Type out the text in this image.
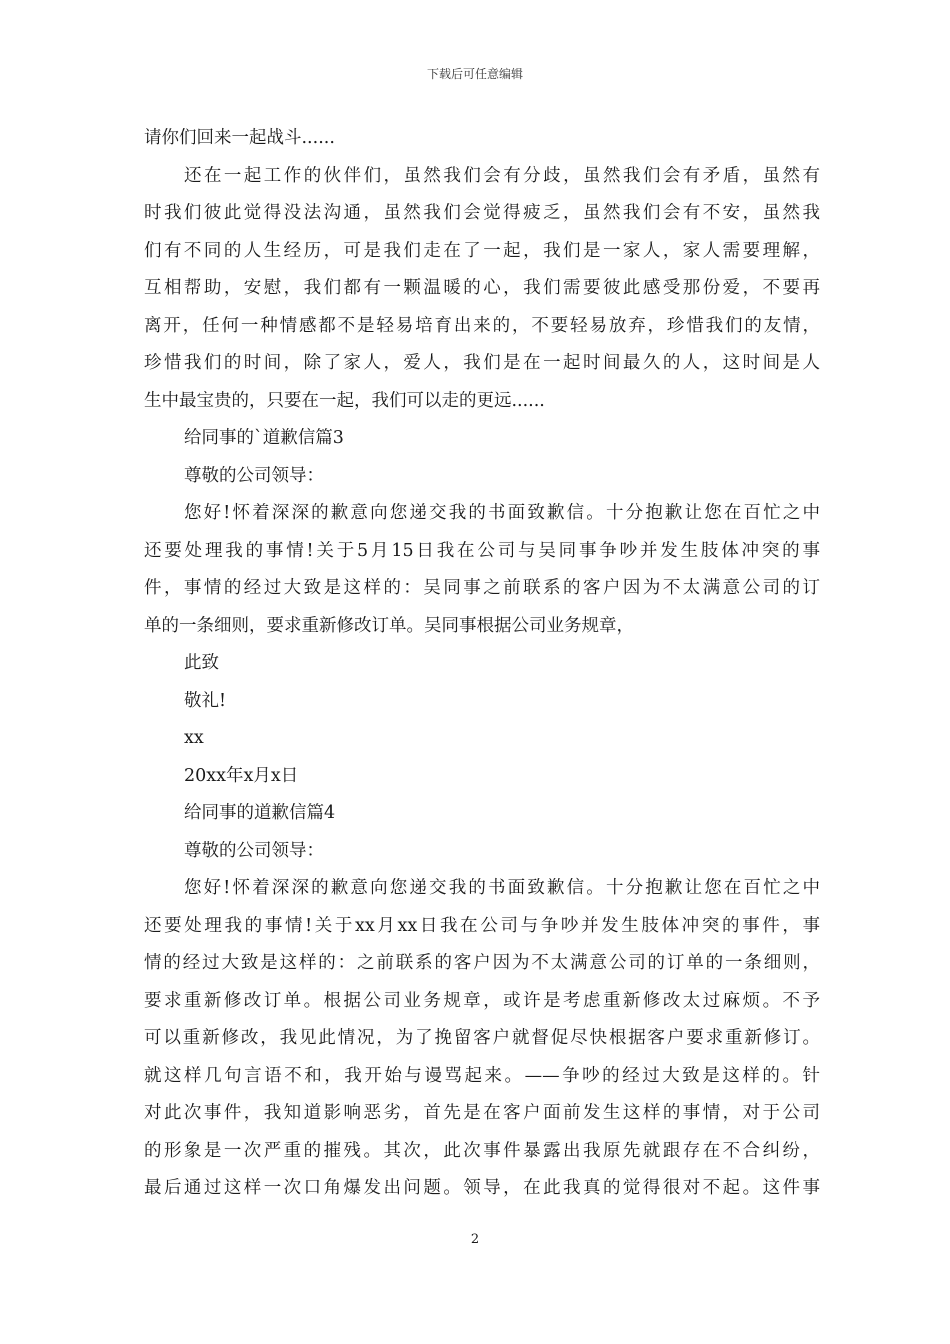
下载后可任意编辑
请你们回来一起战斗......
还在一起工作的伙伴们，虽然我们会有分歧，虽然我们会有矛盾，虽然有
时我们彼此觉得没法沟通，虽然我们会觉得疲乏，虽然我们会有不安，虽然我
们有不同的人生经历，可是我们走在了一起，我们是一家人，家人需要理解，
互相帮助，安慰，我们都有一颗温暖的心，我们需要彼此感受那份爱，不要再
离开，任何一种情感都不是轻易培育出来的，不要轻易放弃，珍惜我们的友情，
珍惜我们的时间，除了家人，爱人，我们是在一起时间最久的人，这时间是人
生中最宝贵的，只要在一起，我们可以走的更远......
给同事的`道歉信篇3
尊敬的公司领导：
您好!怀着深深的歉意向您递交我的书面致歉信。十分抱歉让您在百忙之中
还要处理我的事情!关于5月15日我在公司与吴同事争吵并发生肢体冲突的事
件，事情的经过大致是这样的：吴同事之前联系的客户因为不太满意公司的订
单的一条细则，要求重新修改订单。吴同事根据公司业务规章，
此致
敬礼!
xx
20xx年x月x日
给同事的道歉信篇4
尊敬的公司领导：
您好!怀着深深的歉意向您递交我的书面致歉信。十分抱歉让您在百忙之中
还要处理我的事情!关于xx月xx日我在公司与争吵并发生肢体冲突的事件，事
情的经过大致是这样的：之前联系的客户因为不太满意公司的订单的一条细则，
要求重新修改订单。根据公司业务规章，或许是考虑重新修改太过麻烦。不予
可以重新修改，我见此情况，为了挽留客户就督促尽快根据客户要求重新修订。
就这样几句言语不和，我开始与谩骂起来。——争吵的经过大致是这样的。针
对此次事件，我知道影响恶劣，首先是在客户面前发生这样的事情，对于公司
的形象是一次严重的摧残。其次，此次事件暴露出我原先就跟存在不合纠纷，
最后通过这样一次口角爆发出问题。领导，在此我真的觉得很对不起。这件事
2
